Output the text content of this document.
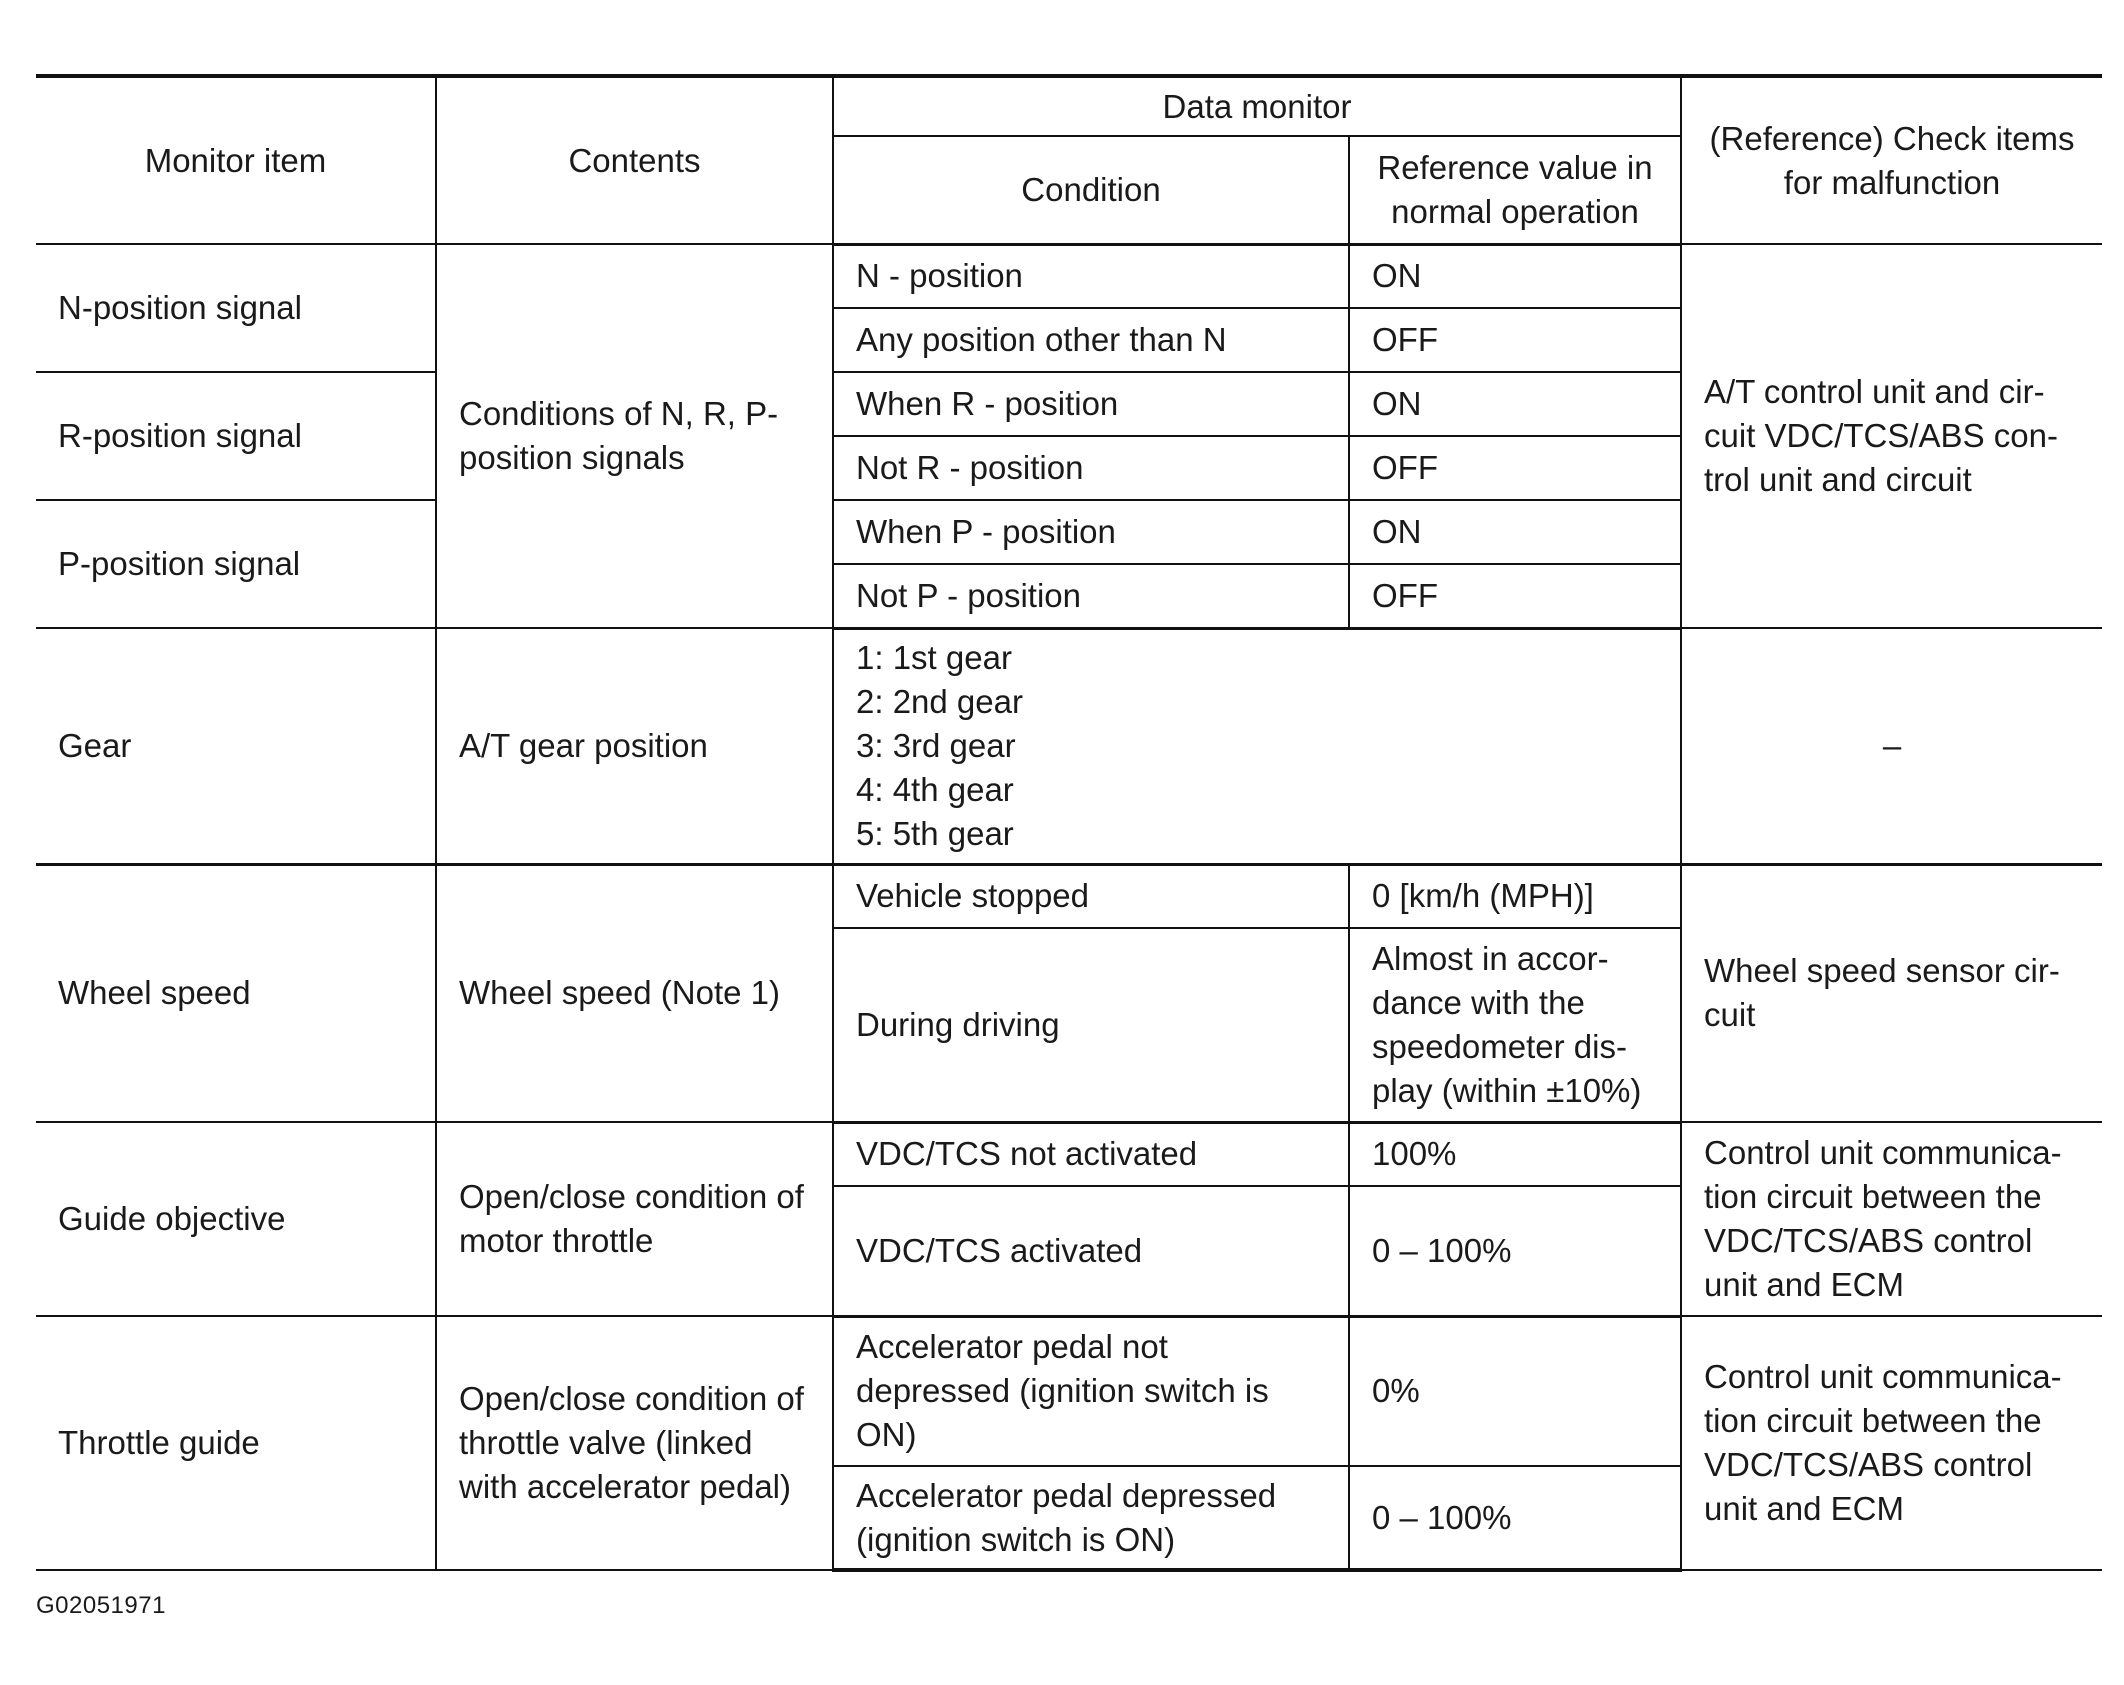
Monitor item	Contents	Data monitor		(Reference) Check items for malfunction
		Condition	Reference value in normal operation	
N-position signal	Conditions of N, R, P-position signals	N - position	ON	A/T control unit and cir-cuit VDC/TCS/ABS con-trol unit and circuit
		Any position other than N	OFF	
R-position signal		When R - position	ON	
		Not R - position	OFF	
P-position signal		When P - position	ON	
		Not P - position	OFF	
Gear	A/T gear position	1: 1st gear
2: 2nd gear
3: 3rd gear
4: 4th gear
5: 5th gear		–
Wheel speed	Wheel speed (Note 1)	Vehicle stopped	0 [km/h (MPH)]	Wheel speed sensor cir-cuit
		During driving	Almost in accor-dance with the speedometer dis-play (within ±10%)	
Guide objective	Open/close condition of motor throttle	VDC/TCS not activated	100%	Control unit communica-tion circuit between the VDC/TCS/ABS control unit and ECM
		VDC/TCS activated	0 – 100%	
Throttle guide	Open/close condition of throttle valve (linked with accelerator pedal)	Accelerator pedal not depressed (ignition switch is ON)	0%	Control unit communica-tion circuit between the VDC/TCS/ABS control unit and ECM
		Accelerator pedal depressed (ignition switch is ON)	0 – 100%	
G02051971
